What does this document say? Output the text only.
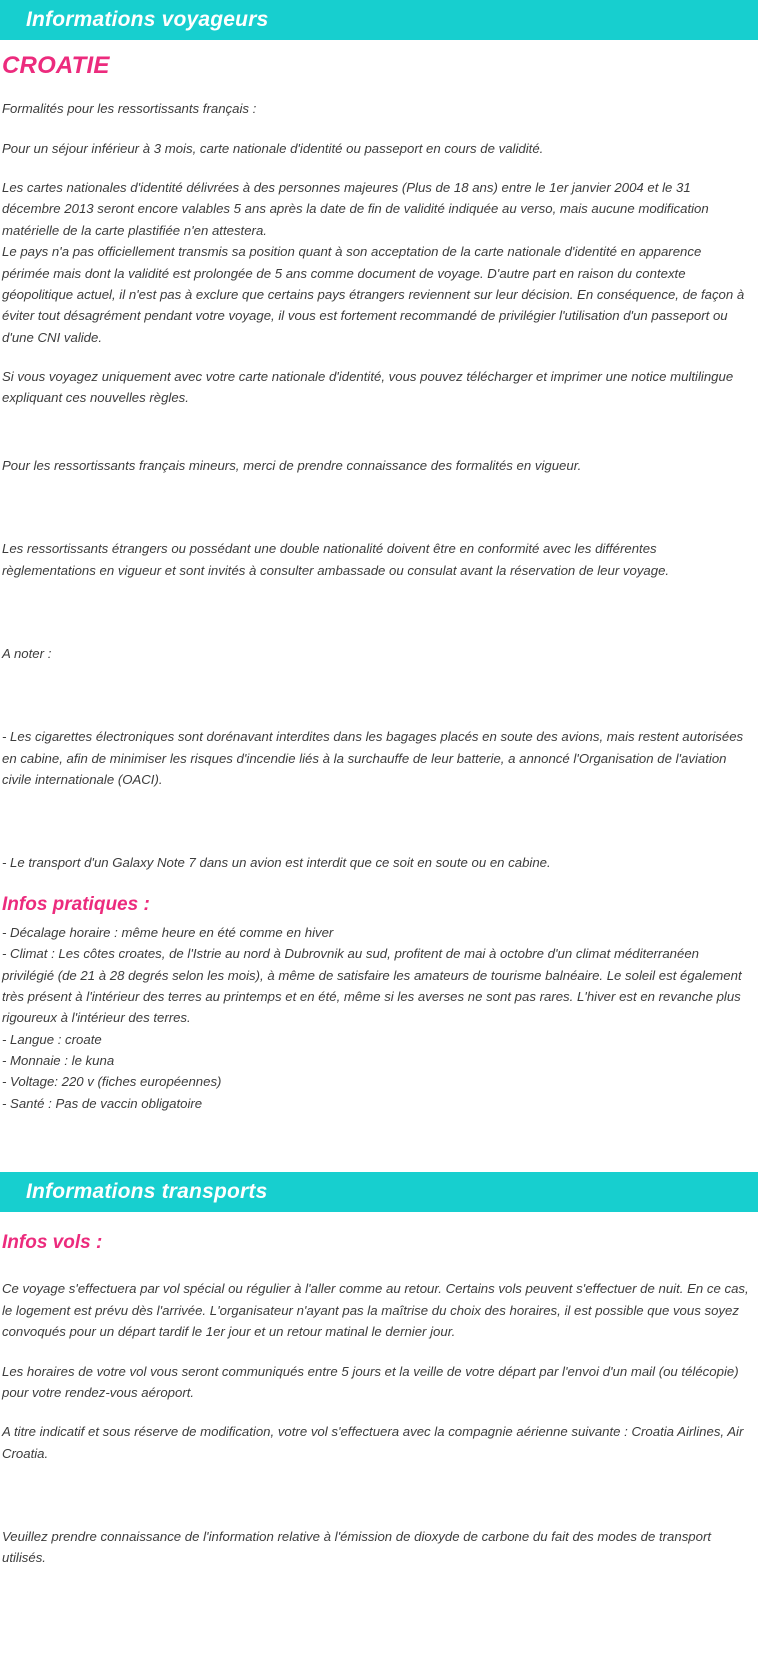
Informations voyageurs
CROATIE

Formalités pour les ressortissants français :

Pour un séjour inférieur à 3 mois, carte nationale d'identité ou passeport en cours de validité.

Les cartes nationales d'identité délivrées à des personnes majeures (Plus de 18 ans) entre le 1er janvier 2004 et le 31 décembre 2013 seront encore valables 5 ans après la date de fin de validité indiquée au verso, mais aucune modification matérielle de la carte plastifiée n'en attestera.

Le pays n'a pas officiellement transmis sa position quant à son acceptation de la carte nationale d'identité en apparence périmée mais dont la validité est prolongée de 5 ans comme document de voyage. D'autre part en raison du contexte géopolitique actuel, il n'est pas à exclure que certains pays étrangers reviennent sur leur décision. En conséquence, de façon à éviter tout désagrément pendant votre voyage, il vous est fortement recommandé de privilégier l'utilisation d'un passeport ou d'une CNI valide.

Si vous voyagez uniquement avec votre carte nationale d'identité, vous pouvez télécharger et imprimer une notice multilingue expliquant ces nouvelles règles.

Pour les ressortissants français mineurs, merci de prendre connaissance des formalités en vigueur.

Les ressortissants étrangers ou possédant une double nationalité doivent être en conformité avec les différentes règlementations en vigueur et sont invités à consulter ambassade ou consulat avant la réservation de leur voyage.

A noter :

- Les cigarettes électroniques sont dorénavant interdites dans les bagages placés en soute des avions, mais restent autorisées en cabine, afin de minimiser les risques d'incendie liés à la surchauffe de leur batterie, a annoncé l'Organisation de l'aviation civile internationale (OACI).

- Le transport d'un Galaxy Note 7 dans un avion est interdit que ce soit en soute ou en cabine.

Infos pratiques :
- Décalage horaire : même heure en été comme en hiver
- Climat : Les côtes croates, de l'Istrie au nord à Dubrovnik au sud, profitent de mai à octobre d'un climat méditerranéen privilégié (de 21 à 28 degrés selon les mois), à même de satisfaire les amateurs de tourisme balnéaire. Le soleil est également très présent à l'intérieur des terres au printemps et en été, même si les averses ne sont pas rares. L'hiver est en revanche plus rigoureux à l'intérieur des terres.
- Langue : croate
- Monnaie : le kuna
- Voltage: 220 v (fiches européennes)
- Santé : Pas de vaccin obligatoire
Informations transports
Infos vols :

Ce voyage s'effectuera par vol spécial ou régulier à l'aller comme au retour. Certains vols peuvent s'effectuer de nuit. En ce cas, le logement est prévu dès l'arrivée. L'organisateur n'ayant pas la maîtrise du choix des horaires, il est possible que vous soyez convoqués pour un départ tardif le 1er jour et un retour matinal le dernier jour.

Les horaires de votre vol vous seront communiqués entre 5 jours et la veille de votre départ par l'envoi d'un mail (ou télécopie) pour votre rendez-vous aéroport.

A titre indicatif et sous réserve de modification, votre vol s'effectuera avec la compagnie aérienne suivante : Croatia Airlines, Air Croatia.

Veuillez prendre connaissance de l'information relative à l'émission de dioxyde de carbone du fait des modes de transport utilisés.
